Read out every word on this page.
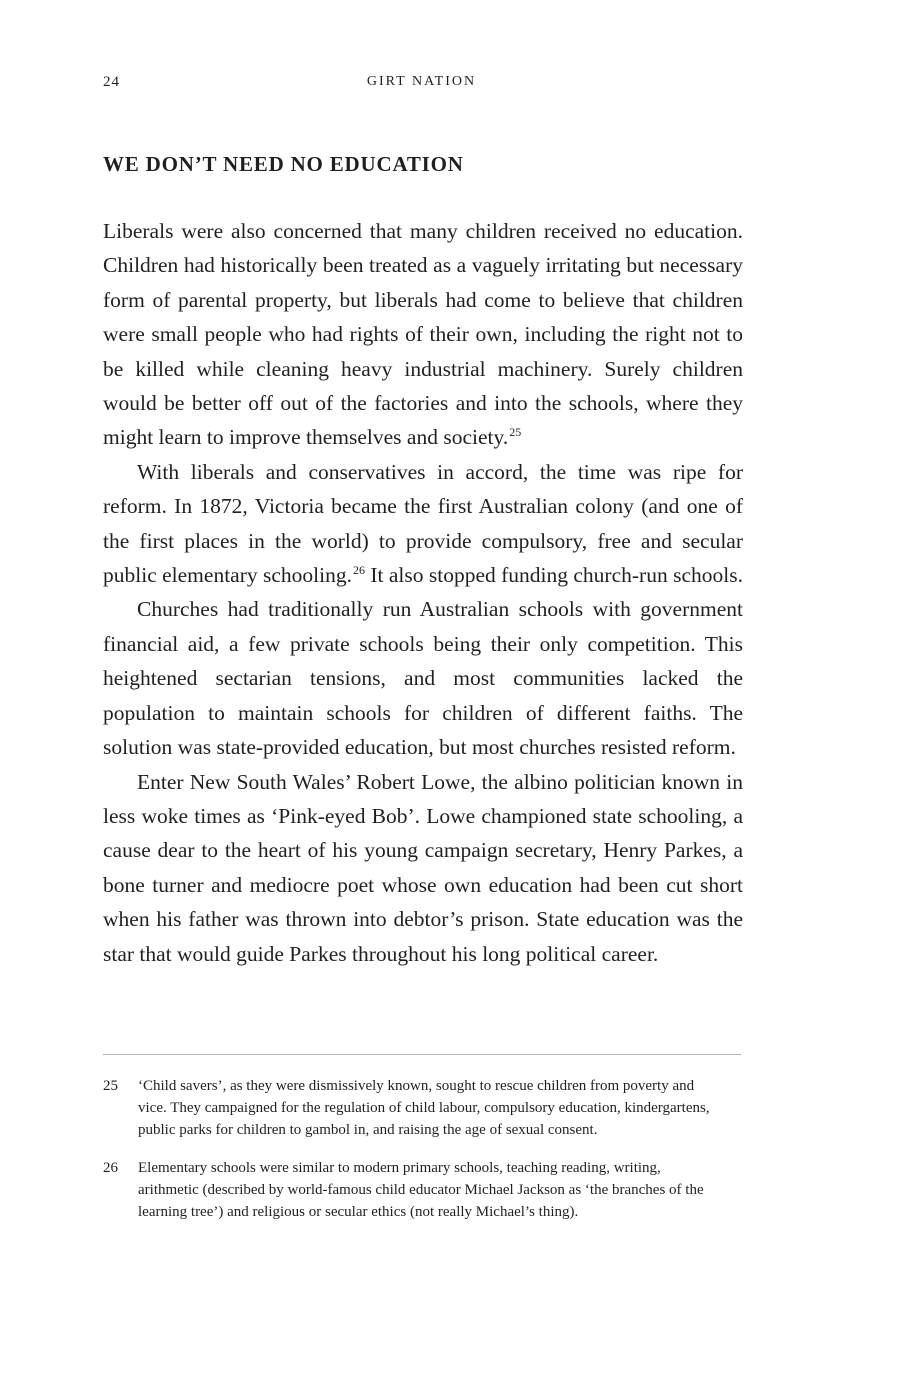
24	GIRT NATION
WE DON’T NEED NO EDUCATION

Liberals were also concerned that many children received no education. Children had historically been treated as a vaguely irritating but necessary form of parental property, but liberals had come to believe that children were small people who had rights of their own, including the right not to be killed while cleaning heavy industrial machinery. Surely children would be better off out of the factories and into the schools, where they might learn to improve themselves and society.$^{25}$

With liberals and conservatives in accord, the time was ripe for reform. In 1872, Victoria became the first Australian colony (and one of the first places in the world) to provide compulsory, free and secular public elementary schooling.$^{26}$ It also stopped funding church-run schools.

Churches had traditionally run Australian schools with government financial aid, a few private schools being their only competition. This heightened sectarian tensions, and most communities lacked the population to maintain schools for children of different faiths. The solution was state-provided education, but most churches resisted reform.

Enter New South Wales’ Robert Lowe, the albino politician known in less woke times as ‘Pink-eyed Bob’. Lowe championed state schooling, a cause dear to the heart of his young campaign secretary, Henry Parkes, a bone turner and mediocre poet whose own education had been cut short when his father was thrown into debtor’s prison. State education was the star that would guide Parkes throughout his long political career.

25	‘Child savers’, as they were dismissively known, sought to rescue children from poverty and vice. They campaigned for the regulation of child labour, compulsory education, kindergartens, public parks for children to gambol in, and raising the age of sexual consent.
26	Elementary schools were similar to modern primary schools, teaching reading, writing, arithmetic (described by world-famous child educator Michael Jackson as ‘the branches of the learning tree’) and religious or secular ethics (not really Michael’s thing).
